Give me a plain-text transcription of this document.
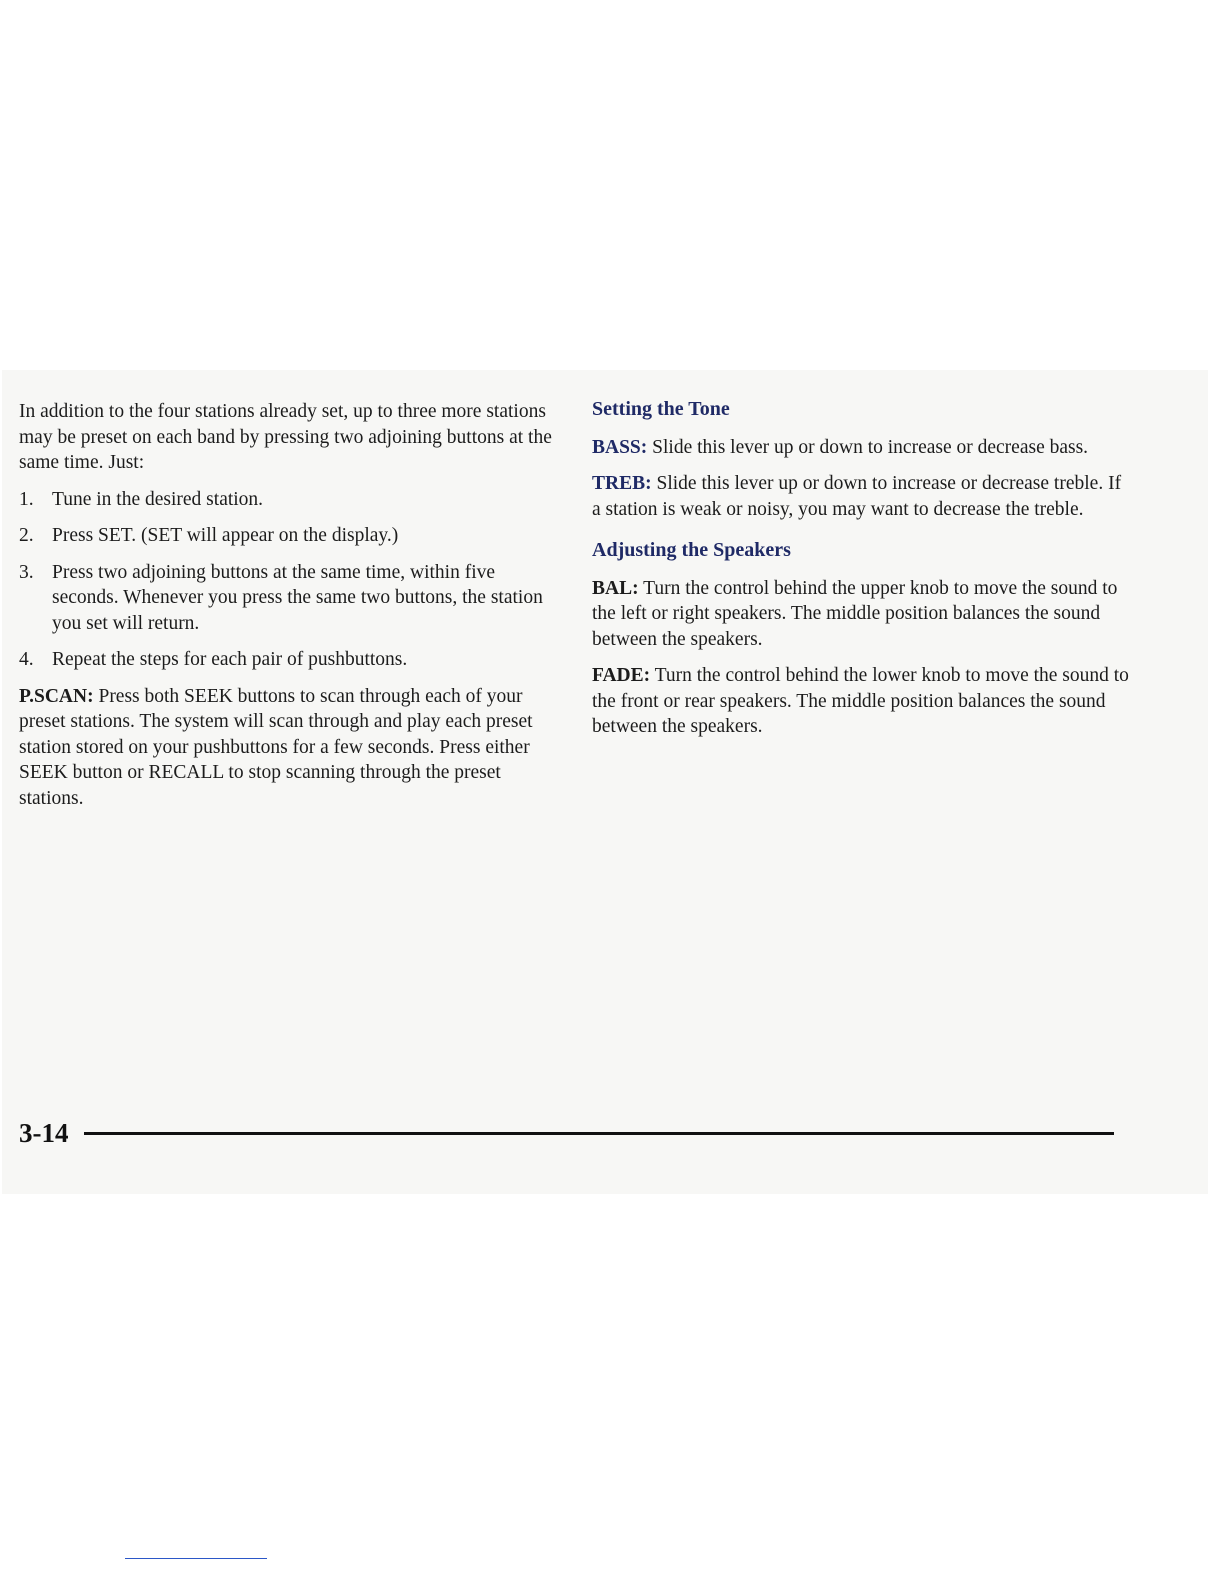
In addition to the four stations already set, up to three more stations may be preset on each band by pressing two adjoining buttons at the same time. Just:

1. Tune in the desired station.
2. Press SET. (SET will appear on the display.)
3. Press two adjoining buttons at the same time, within five seconds. Whenever you press the same two buttons, the station you set will return.
4. Repeat the steps for each pair of pushbuttons.

P.SCAN: Press both SEEK buttons to scan through each of your preset stations. The system will scan through and play each preset station stored on your pushbuttons for a few seconds. Press either SEEK button or RECALL to stop scanning through the preset stations.

Setting the Tone

BASS: Slide this lever up or down to increase or decrease bass.

TREB: Slide this lever up or down to increase or decrease treble. If a station is weak or noisy, you may want to decrease the treble.

Adjusting the Speakers

BAL: Turn the control behind the upper knob to move the sound to the left or right speakers. The middle position balances the sound between the speakers.

FADE: Turn the control behind the lower knob to move the sound to the front or rear speakers. The middle position balances the sound between the speakers.

3-14
